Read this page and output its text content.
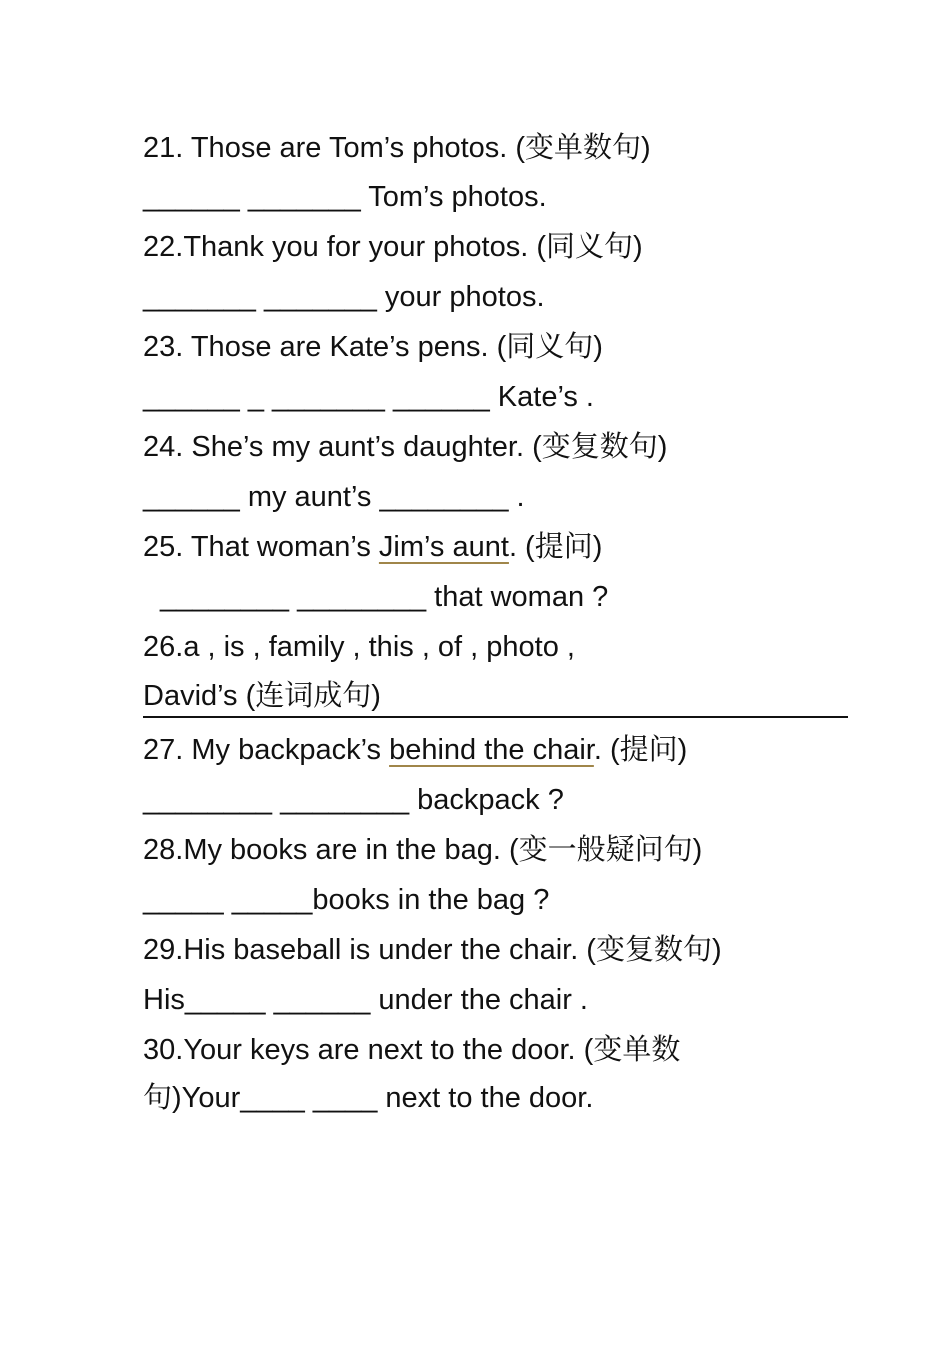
21. Those are Tom’s photos. (变单数句)
______ _______ Tom’s photos.
22.Thank you for your photos. (同义句)
_______ _______ your photos.
23. Those are Kate’s pens. (同义句)
______ _ _______ ______ Kate’s .
24. She’s my aunt’s daughter. (变复数句)
______ my aunt’s ________ .
25. That woman’s Jim’s aunt. (提问)
________ ________ that woman ?
26.a , is , family , this , of , photo ,
David’s (连词成句)
27. My backpack’s behind the chair. (提问)
________ ________ backpack ?
28.My books are in the bag. (变一般疑问句)
_____ _____books in the bag ?
29.His baseball is under the chair. (变复数句)
His_____ ______ under the chair .
30.Your keys are next to the door. (变单数
句)Your____ ____ next to the door.
